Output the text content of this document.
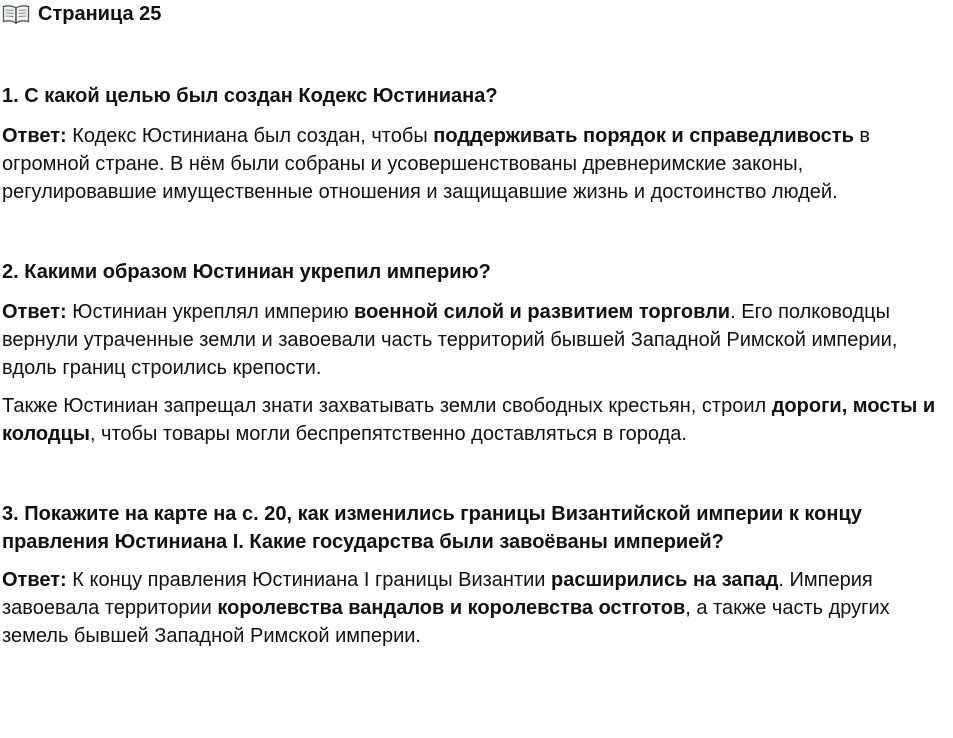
Страница 25

1. С какой целью был создан Кодекс Юстиниана?

Ответ: Кодекс Юстиниана был создан, чтобы поддерживать порядок и справедливость в огромной стране. В нём были собраны и усовершенствованы древнеримские законы, регулировавшие имущественные отношения и защищавшие жизнь и достоинство людей.

2. Какими образом Юстиниан укрепил империю?

Ответ: Юстиниан укреплял империю военной силой и развитием торговли. Его полководцы вернули утраченные земли и завоевали часть территорий бывшей Западной Римской империи, вдоль границ строились крепости.

Также Юстиниан запрещал знати захватывать земли свободных крестьян, строил дороги, мосты и колодцы, чтобы товары могли беспрепятственно доставляться в города.

3. Покажите на карте на с. 20, как изменились границы Византийской империи к концу правления Юстиниана I. Какие государства были завоёваны империей?

Ответ: К концу правления Юстиниана I границы Византии расширились на запад. Империя завоевала территории королевства вандалов и королевства остготов, а также часть других земель бывшей Западной Римской империи.
